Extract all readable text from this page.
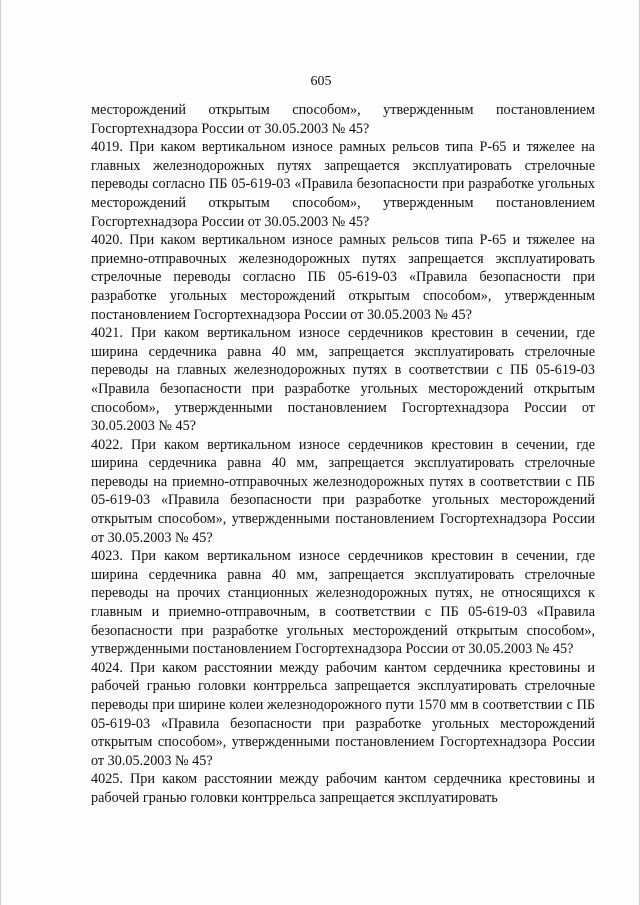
605

месторождений открытым способом», утвержденным постановлением Госгортехнадзора России от 30.05.2003 № 45?

4019. При каком вертикальном износе рамных рельсов типа Р-65 и тяжелее на главных железнодорожных путях запрещается эксплуатировать стрелочные переводы согласно ПБ 05-619-03 «Правила безопасности при разработке угольных месторождений открытым способом», утвержденным постановлением Госгортехнадзора России от 30.05.2003 № 45?

4020. При каком вертикальном износе рамных рельсов типа Р-65 и тяжелее на приемно-отправочных железнодорожных путях запрещается эксплуатировать стрелочные переводы согласно ПБ 05-619-03 «Правила безопасности при разработке угольных месторождений открытым способом», утвержденным постановлением Госгортехнадзора России от 30.05.2003 № 45?

4021. При каком вертикальном износе сердечников крестовин в сечении, где ширина сердечника равна 40 мм, запрещается эксплуатировать стрелочные переводы на главных железнодорожных путях в соответствии с ПБ 05-619-03 «Правила безопасности при разработке угольных месторождений открытым способом», утвержденными постановлением Госгортехнадзора России от 30.05.2003 № 45?

4022. При каком вертикальном износе сердечников крестовин в сечении, где ширина сердечника равна 40 мм, запрещается эксплуатировать стрелочные переводы на приемно-отправочных железнодорожных путях в соответствии с ПБ 05-619-03 «Правила безопасности при разработке угольных месторождений открытым способом», утвержденными постановлением Госгортехнадзора России от 30.05.2003 № 45?

4023. При каком вертикальном износе сердечников крестовин в сечении, где ширина сердечника равна 40 мм, запрещается эксплуатировать стрелочные переводы на прочих станционных железнодорожных путях, не относящихся к главным и приемно-отправочным, в соответствии с ПБ 05-619-03 «Правила безопасности при разработке угольных месторождений открытым способом», утвержденными постановлением Госгортехнадзора России от 30.05.2003 № 45?

4024. При каком расстоянии между рабочим кантом сердечника крестовины и рабочей гранью головки контррельса запрещается эксплуатировать стрелочные переводы при ширине колеи железнодорожного пути 1570 мм в соответствии с ПБ 05-619-03 «Правила безопасности при разработке угольных месторождений открытым способом», утвержденными постановлением Госгортехнадзора России от 30.05.2003 № 45?

4025. При каком расстоянии между рабочим кантом сердечника крестовины и рабочей гранью головки контррельса запрещается эксплуатировать
